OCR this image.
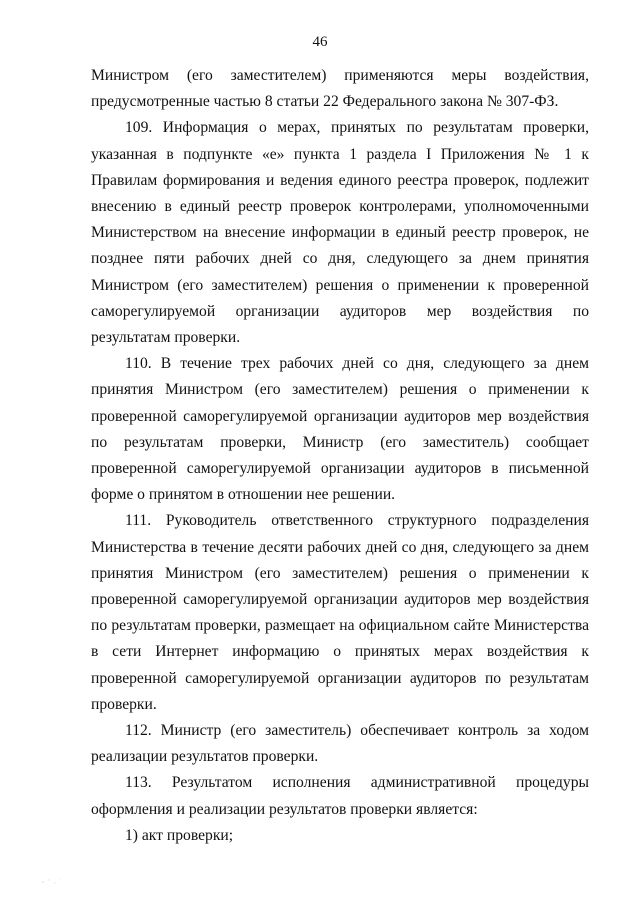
46

Министром (его заместителем) применяются меры воздействия, предусмотренные частью 8 статьи 22 Федерального закона № 307-ФЗ.

109. Информация о мерах, принятых по результатам проверки, указанная в подпункте «е» пункта 1 раздела I Приложения № 1 к Правилам формирования и ведения единого реестра проверок, подлежит внесению в единый реестр проверок контролерами, уполномоченными Министерством на внесение информации в единый реестр проверок, не позднее пяти рабочих дней со дня, следующего за днем принятия Министром (его заместителем) решения о применении к проверенной саморегулируемой организации аудиторов мер воздействия по результатам проверки.

110. В течение трех рабочих дней со дня, следующего за днем принятия Министром (его заместителем) решения о применении к проверенной саморегулируемой организации аудиторов мер воздействия по результатам проверки, Министр (его заместитель) сообщает проверенной саморегулируемой организации аудиторов в письменной форме о принятом в отношении нее решении.

111. Руководитель ответственного структурного подразделения Министерства в течение десяти рабочих дней со дня, следующего за днем принятия Министром (его заместителем) решения о применении к проверенной саморегулируемой организации аудиторов мер воздействия по результатам проверки, размещает на официальном сайте Министерства в сети Интернет информацию о принятых мерах воздействия к проверенной саморегулируемой организации аудиторов по результатам проверки.

112. Министр (его заместитель) обеспечивает контроль за ходом реализации результатов проверки.

113. Результатом исполнения административной процедуры оформления и реализации результатов проверки является:

1) акт проверки;
